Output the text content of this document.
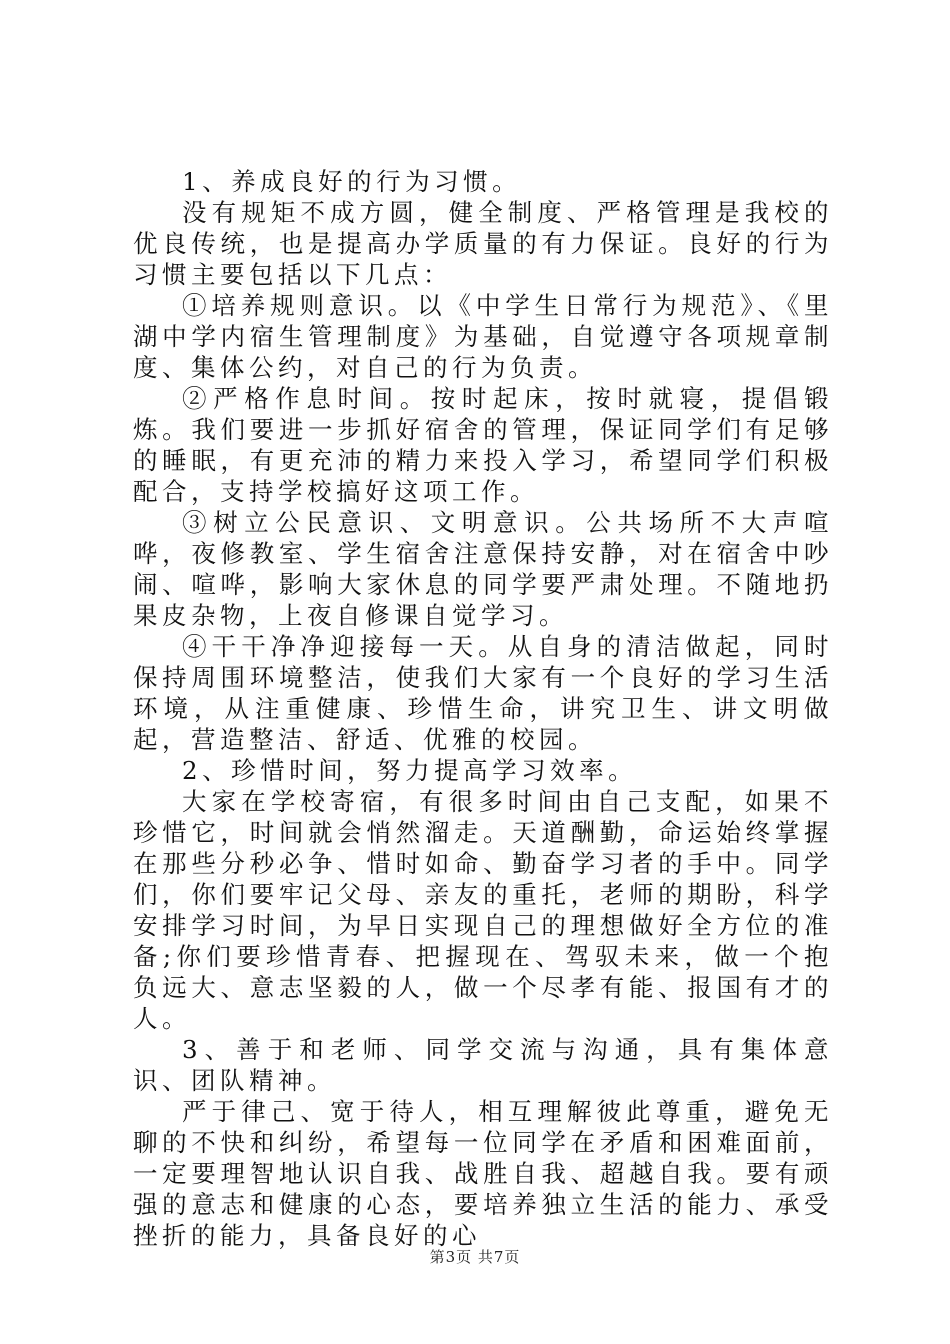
1、养成良好的行为习惯。

没有规矩不成方圆，健全制度、严格管理是我校的优良传统，也是提高办学质量的有力保证。良好的行为习惯主要包括以下几点：

①培养规则意识。以《中学生日常行为规范》、《里湖中学内宿生管理制度》为基础，自觉遵守各项规章制度、集体公约，对自己的行为负责。

②严格作息时间。按时起床，按时就寝，提倡锻炼。我们要进一步抓好宿舍的管理，保证同学们有足够的睡眠，有更充沛的精力来投入学习，希望同学们积极配合，支持学校搞好这项工作。

③树立公民意识、文明意识。公共场所不大声喧哗，夜修教室、学生宿舍注意保持安静，对在宿舍中吵闹、喧哗，影响大家休息的同学要严肃处理。不随地扔果皮杂物，上夜自修课自觉学习。

④干干净净迎接每一天。从自身的清洁做起，同时保持周围环境整洁，使我们大家有一个良好的学习生活环境，从注重健康、珍惜生命，讲究卫生、讲文明做起，营造整洁、舒适、优雅的校园。

2、珍惜时间，努力提高学习效率。

大家在学校寄宿，有很多时间由自己支配，如果不珍惜它，时间就会悄然溜走。天道酬勤，命运始终掌握在那些分秒必争、惜时如命、勤奋学习者的手中。同学们，你们要牢记父母、亲友的重托，老师的期盼，科学安排学习时间，为早日实现自己的理想做好全方位的准备;你们要珍惜青春、把握现在、驾驭未来，做一个抱负远大、意志坚毅的人，做一个尽孝有能、报国有才的人。

3、善于和老师、同学交流与沟通，具有集体意识、团队精神。

严于律己、宽于待人，相互理解彼此尊重，避免无聊的不快和纠纷，希望每一位同学在矛盾和困难面前，一定要理智地认识自我、战胜自我、超越自我。要有顽强的意志和健康的心态，要培养独立生活的能力、承受挫折的能力，具备良好的心

第3页 共7页
